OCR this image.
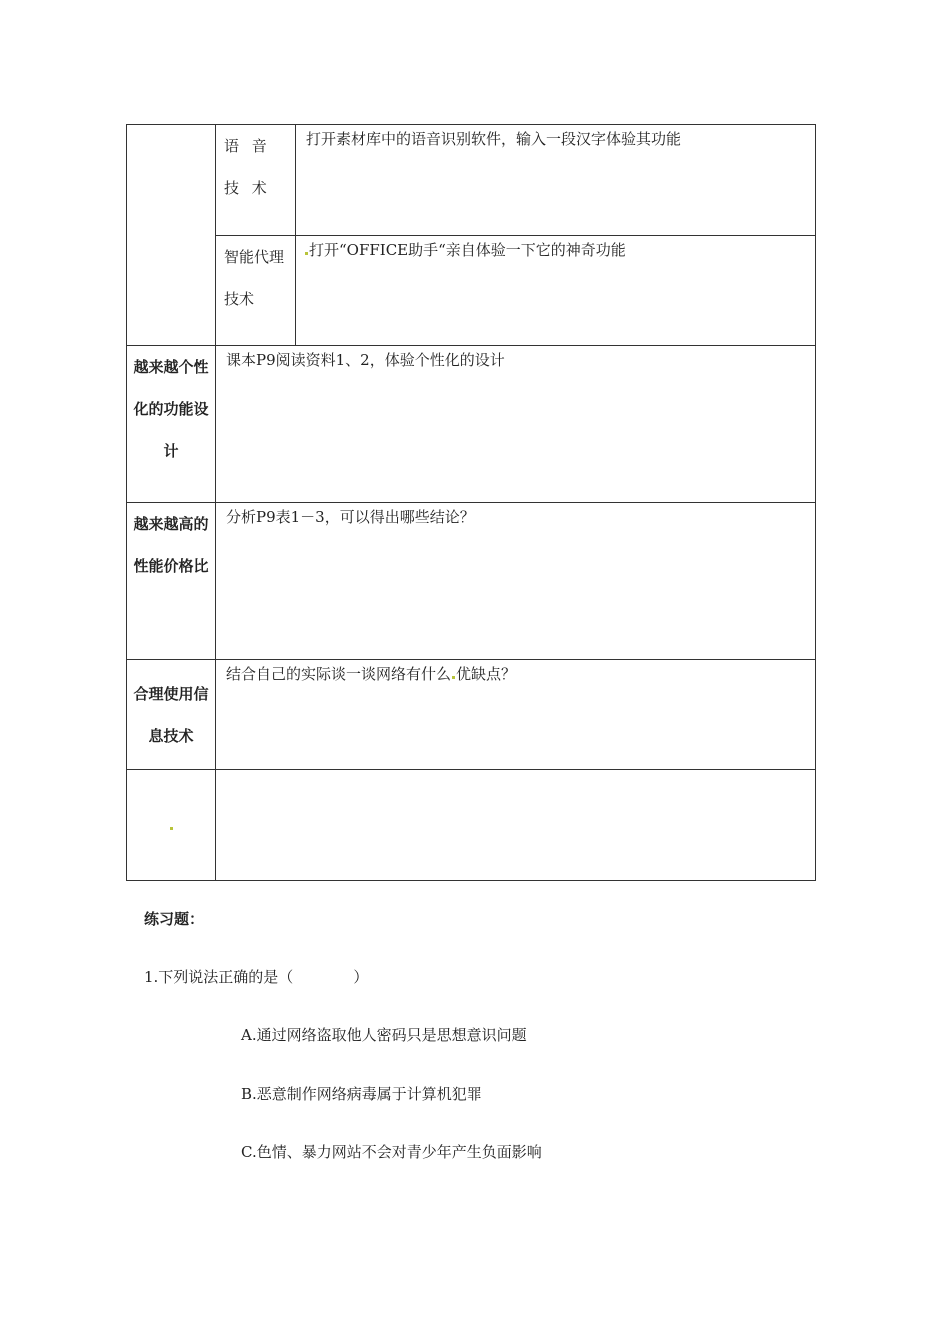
	语 音 技 术	打开素材库中的语音识别软件，输入一段汉字体验其功能

	智能代理技术	打开“OFFICE助手“亲自体验一下它的神奇功能

越来越个性化的功能设计	课本P9阅读资料1、2，体验个性化的设计	

越来越高的性能价格比	分析P9表1－3，可以得出哪些结论？	

合理使用信息技术	结合自己的实际谈一谈网络有什么 优缺点？	

练习题：
1.下列说法正确的是（　　　　）
A.通过网络盗取他人密码只是思想意识问题
B.恶意制作网络病毒属于计算机犯罪
C.色情、暴力网站不会对青少年产生负面影响
